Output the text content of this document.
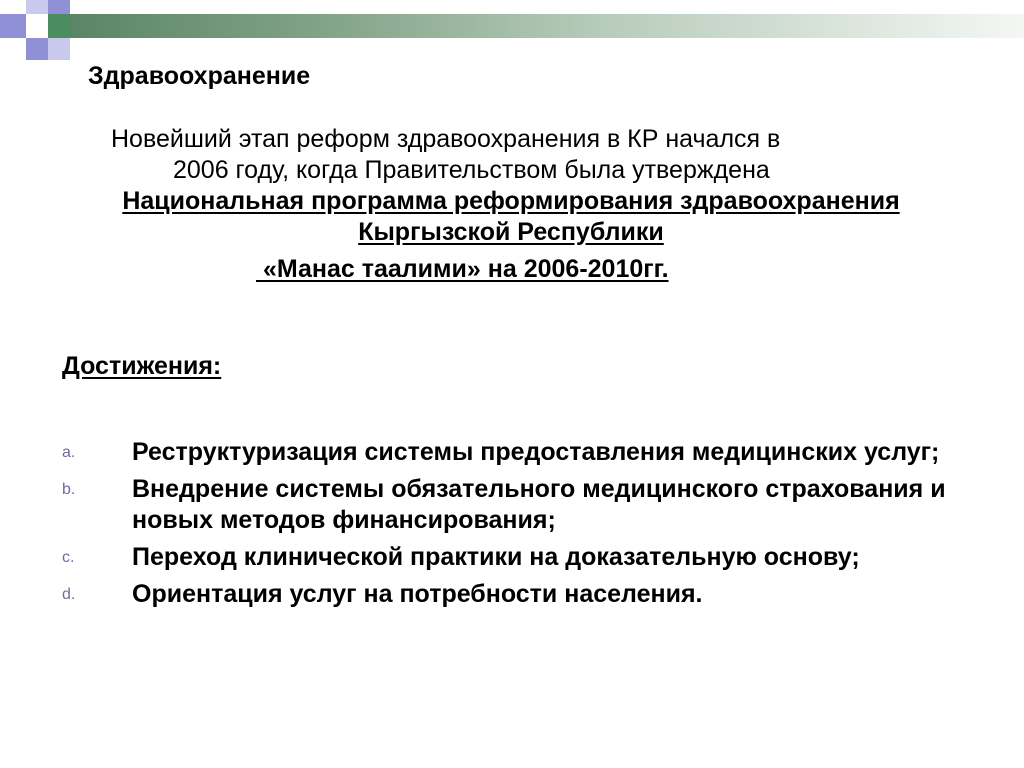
Здравоохранение
Новейший этап реформ здравоохранения в КР начался в
2006 году, когда Правительством была утверждена
Национальная программа реформирования здравоохранения Кыргызской Республики
«Манас таалими» на 2006-2010гг.
Достижения:
a.	Реструктуризация системы предоставления медицинских услуг;
b.	Внедрение системы обязательного медицинского страхования и новых методов финансирования;
c.	Переход клинической практики на доказательную основу;
d.	Ориентация услуг на потребности населения.
